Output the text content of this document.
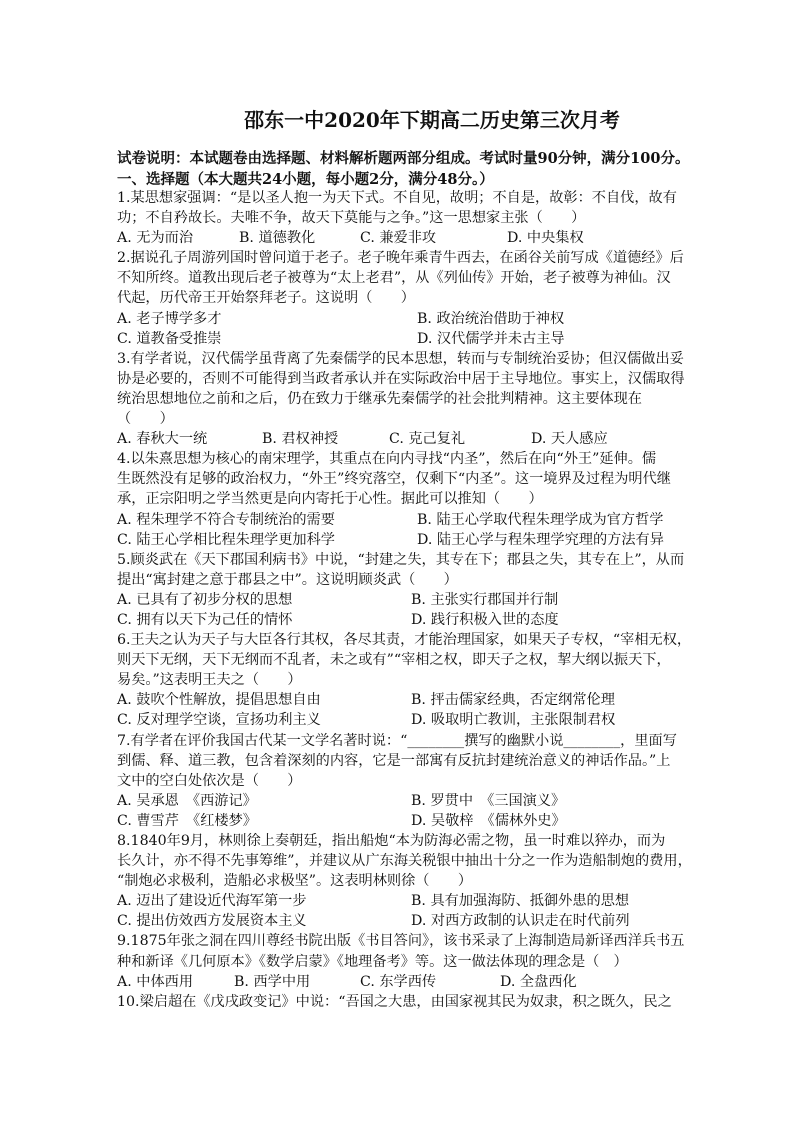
邵东一中2020年下期高二历史第三次月考
试卷说明：本试题卷由选择题、材料解析题两部分组成。考试时量90分钟，满分100分。
一、选择题（本大题共24小题，每小题2分，满分48分。）
1.某思想家强调：“是以圣人抱一为天下式。不自见，故明；不自是，故彰：不自伐，故有
功；不自矜故长。夫唯不争，故天下莫能与之争。”这一思想家主张（　　）
A. 无为而治	B. 道德教化	C. 兼爱非攻	D. 中央集权
2.据说孔子周游列国时曾问道于老子。老子晚年乘青牛西去，在函谷关前写成《道德经》后
不知所终。道教出现后老子被尊为“太上老君”，从《列仙传》开始，老子被尊为神仙。汉
代起，历代帝王开始祭拜老子。这说明（　　）
A. 老子博学多才	B. 政治统治借助于神权
C. 道教备受推崇	D. 汉代儒学并未古主导
3.有学者说，汉代儒学虽背离了先秦儒学的民本思想，转而与专制统治妥协；但汉儒做出妥
协是必要的，否则不可能得到当政者承认并在实际政治中居于主导地位。事实上，汉儒取得
统治思想地位之前和之后，仍在致力于继承先秦儒学的社会批判精神。这主要体现在
（　　）
A. 春秋大一统	B. 君权神授	C. 克己复礼	D. 天人感应
4.以朱熹思想为核心的南宋理学，其重点在向内寻找“内圣”，然后在向“外王”延伸。儒
生既然没有足够的政治权力，“外王”终究落空，仅剩下“内圣”。这一境界及过程为明代继
承，正宗阳明之学当然更是向内寄托于心性。据此可以推知（　　）
A. 程朱理学不符合专制统治的需要	B. 陆王心学取代程朱理学成为官方哲学
C. 陆王心学相比程朱理学更加科学	D. 陆王心学与程朱理学究理的方法有异
5.顾炎武在《天下郡国利病书》中说，“封建之失，其专在下；郡县之失，其专在上”，从而
提出“寓封建之意于郡县之中”。这说明顾炎武（　　）
A. 已具有了初步分权的思想	B. 主张实行郡国并行制
C. 拥有以天下为己任的情怀	D. 践行积极入世的态度
6.王夫之认为天子与大臣各行其权，各尽其责，才能治理国家，如果天子专权，“宰相无权，
则天下无纲，天下无纲而不乱者，未之或有”“宰相之权，即天子之权，挈大纲以振天下，
易矣。”这表明王夫之（　　）
A. 鼓吹个性解放，提倡思想自由	B. 抨击儒家经典，否定纲常伦理
C. 反对理学空谈，宣扬功利主义	D. 吸取明亡教训，主张限制君权
7.有学者在评价我国古代某一文学名著时说：“________撰写的幽默小说________，里面写
到儒、释、道三教，包含着深刻的内容，它是一部寓有反抗封建统治意义的神话作品。”上
文中的空白处依次是（　　）
A. 吴承恩　《西游记》	B. 罗贯中　《三国演义》
C. 曹雪芹　《红楼梦》	D. 吴敬梓　《儒林外史》
8.1840年9月，林则徐上奏朝廷，指出船炮“本为防海必需之物，虽一时难以猝办，而为
长久计，亦不得不先事筹维”，并建议从广东海关税银中抽出十分之一作为造船制炮的费用，
“制炮必求极利，造船必求极坚”。这表明林则徐（　　）
A. 迈出了建设近代海军第一步	B. 具有加强海防、抵御外患的思想
C. 提出仿效西方发展资本主义	D. 对西方政制的认识走在时代前列
9.1875年张之洞在四川尊经书院出版《书目答问》，该书采录了上海制造局新译西洋兵书五
种和新译《几何原本》《数学启蒙》《地理备考》等。这一做法体现的理念是（　）
A. 中体西用	B. 西学中用	C. 东学西传	D. 全盘西化
10.梁启超在《戊戌政变记》中说：“吾国之大患，由国家视其民为奴隶，积之既久，民之
